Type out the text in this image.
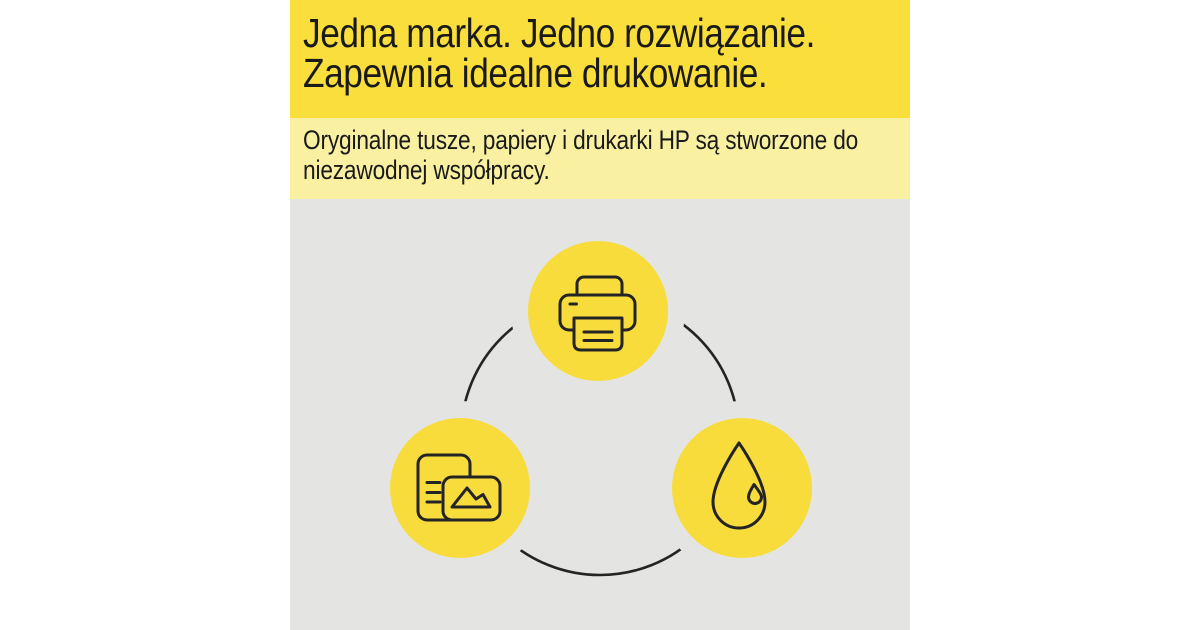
Jedna marka. Jedno rozwiązanie.
Zapewnia idealne drukowanie.
Oryginalne tusze, papiery i drukarki HP są stworzone do
niezawodnej współpracy.
